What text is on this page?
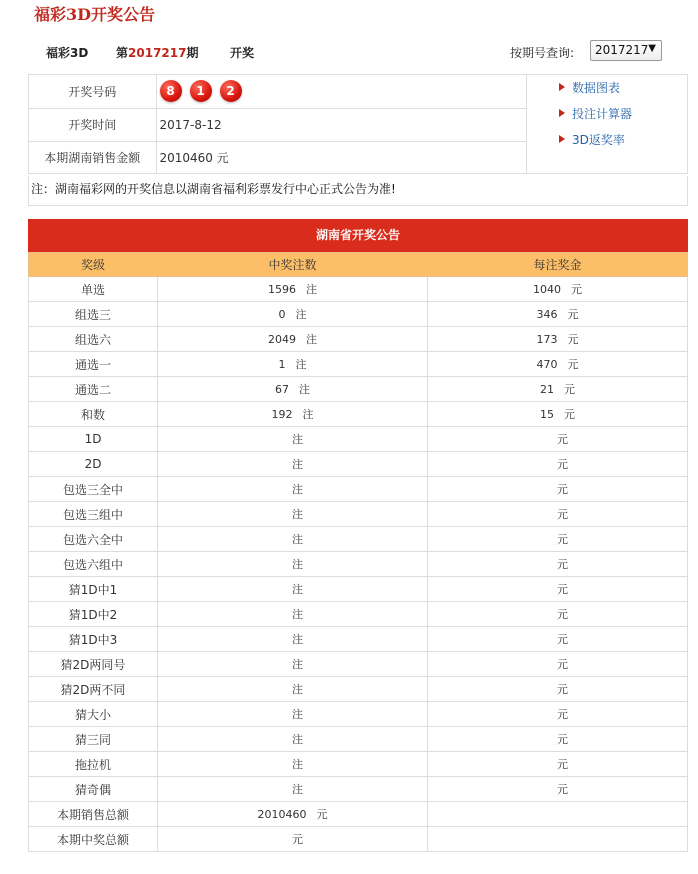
福彩3D开奖公告
福彩3D 第2017217期	开奖	按期号查询:	2017217 ▼
开奖号码	8 1 2
开奖时间	2017-8-12
本期湖南销售金额	2010460 元
数据图表
投注计算器
3D返奖率
注：湖南福彩网的开奖信息以湖南省福利彩票发行中心正式公告为准!
湖南省开奖公告
奖级	中奖注数	每注奖金
单选	1596 注	1040 元
组选三	0 注	346 元
组选六	2049 注	173 元
通选一	1 注	470 元
通选二	67 注	21 元
和数	192 注	15 元
1D	注	元
2D	注	元
包选三全中	注	元
包选三组中	注	元
包选六全中	注	元
包选六组中	注	元
猜1D中1	注	元
猜1D中2	注	元
猜1D中3	注	元
猜2D两同号	注	元
猜2D两不同	注	元
猜大小	注	元
猜三同	注	元
拖拉机	注	元
猜奇偶	注	元
本期销售总额	2010460 元	
本期中奖总额	元	
